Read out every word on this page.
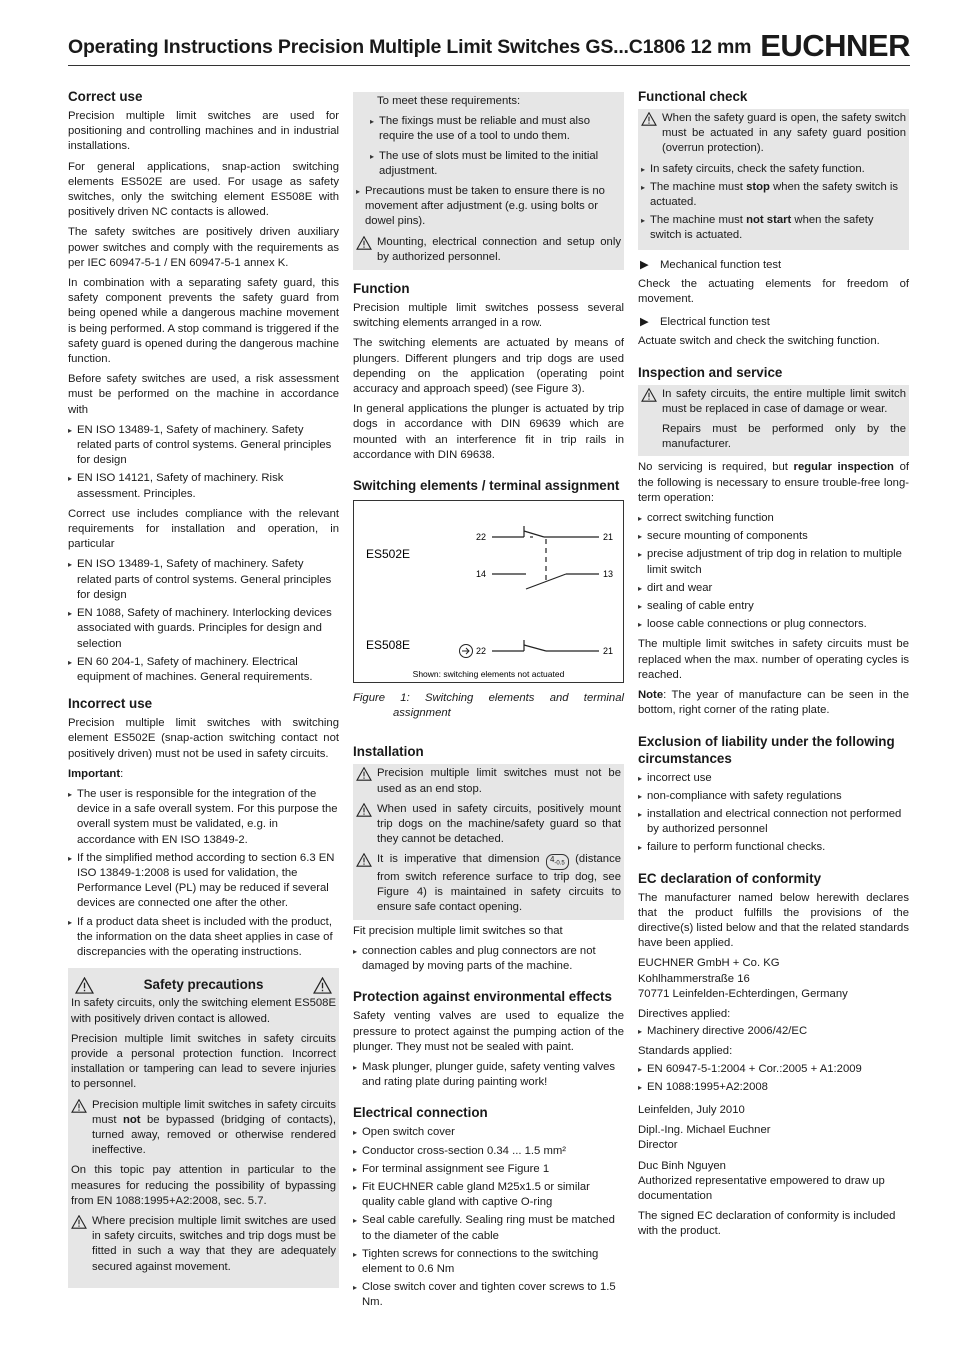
Operating Instructions Precision Multiple Limit Switches GS...C1806 12 mm EUCHNER
Correct use

Precision multiple limit switches are used for positioning and controlling machines and in industrial installations.

For general applications, snap-action switching elements ES502E are used. For usage as safety switches, only the switching element ES508E with positively driven NC contacts is allowed.

The safety switches are positively driven auxiliary power switches and comply with the requirements as per IEC 60947-5-1 / EN 60947-5-1 annex K.

In combination with a separating safety guard, this safety component prevents the safety guard from being opened while a dangerous machine movement is being performed. A stop command is triggered if the safety guard is opened during the dangerous machine function.

Before safety switches are used, a risk assessment must be performed on the machine in accordance with

▸ EN ISO 13489-1, Safety of machinery. Safety related parts of control systems. General principles for design
▸ EN ISO 14121, Safety of machinery. Risk assessment. Principles.

Correct use includes compliance with the relevant requirements for installation and operation, in particular

▸ EN ISO 13489-1, Safety of machinery. Safety related parts of control systems. General principles for design
▸ EN 1088, Safety of machinery. Interlocking devices associated with guards. Principles for design and selection
▸ EN 60 204-1, Safety of machinery. Electrical equipment of machines. General requirements.
Incorrect use

Precision multiple limit switches with switching element ES502E (snap-action switching contact not positively driven) must not be used in safety circuits.

Important:

▸ The user is responsible for the integration of the device in a safe overall system. For this purpose the overall system must be validated, e.g. in accordance with EN ISO 13849-2.
▸ If the simplified method according to section 6.3 EN ISO 13849-1:2008 is used for validation, the Performance Level (PL) may be reduced if several devices are connected one after the other.
▸ If a product data sheet is included with the product, the information on the data sheet applies in case of discrepancies with the operating instructions.
Safety precautions

In safety circuits, only the switching element ES508E with positively driven contact is allowed.

Precision multiple limit switches in safety circuits provide a personal protection function. Incorrect installation or tampering can lead to severe injuries to personnel.

Precision multiple limit switches in safety circuits must not be bypassed (bridging of contacts), turned away, removed or otherwise rendered ineffective.

On this topic pay attention in particular to the measures for reducing the possibility of bypassing from EN 1088:1995+A2:2008, sec. 5.7.

Where precision multiple limit switches are used in safety circuits, switches and trip dogs must be fitted in such a way that they are adequately secured against movement.

To meet these requirements:

▸ The fixings must be reliable and must also require the use of a tool to undo them.
▸ The use of slots must be limited to the initial adjustment.
▸ Precautions must be taken to ensure there is no movement after adjustment (e.g. using bolts or dowel pins).

Mounting, electrical connection and setup only by authorized personnel.

Function

Precision multiple limit switches possess several switching elements arranged in a row.

The switching elements are actuated by means of plungers. Different plungers and trip dogs are used depending on the application (operating point accuracy and approach speed) (see Figure 3).

In general applications the plunger is actuated by trip dogs in accordance with DIN 69639 which are mounted with an interference fit in trip rails in accordance with DIN 69638.

Switching elements / terminal assignment
ES502E
ES508E
22	21
14	13
22	21
Shown: switching elements not actuated

Figure 1: Switching elements and terminal assignment

Installation

Precision multiple limit switches must not be used as an end stop.

When used in safety circuits, positively mount trip dogs on the machine/safety guard so that they cannot be detached.

It is imperative that dimension $4_{-0.5}$ (distance from switch reference surface to trip dog, see Figure 4) is maintained in safety circuits to ensure safe contact opening.

Fit precision multiple limit switches so that

▸ connection cables and plug connectors are not damaged by moving parts of the machine.
Protection against environmental effects

Safety venting valves are used to equalize the pressure to protect against the pumping action of the plunger. They must not be sealed with paint.

▸ Mask plunger, plunger guide, safety venting valves and rating plate during painting work!
Electrical connection
▸ Open switch cover
▸ Conductor cross-section 0.34 ... 1.5 mm²
▸ For terminal assignment see Figure 1
▸ Fit EUCHNER cable gland M25x1.5 or similar quality cable gland with captive O-ring
▸ Seal cable carefully. Sealing ring must be matched to the diameter of the cable
▸ Tighten screws for connections to the switching element to 0.6 Nm
▸ Close switch cover and tighten cover screws to 1.5 Nm.
Functional check

When the safety guard is open, the safety switch must be actuated in any safety guard position (overrun protection).

▸ In safety circuits, check the safety function.
▸ The machine must stop when the safety switch is actuated.
▸ The machine must not start when the safety switch is actuated.
▶ Mechanical function test

Check the actuating elements for freedom of movement.

▶ Electrical function test

Actuate switch and check the switching function.

Inspection and service

In safety circuits, the entire multiple limit switch must be replaced in case of damage or wear.

Repairs must be performed only by the manufacturer.

No servicing is required, but regular inspection of the following is necessary to ensure trouble-free long-term operation:

▸ correct switching function
▸ secure mounting of components
▸ precise adjustment of trip dog in relation to multiple limit switch
▸ dirt and wear
▸ sealing of cable entry
▸ loose cable connections or plug connectors.

The multiple limit switches in safety circuits must be replaced when the max. number of operating cycles is reached.

Note: The year of manufacture can be seen in the bottom, right corner of the rating plate.

Exclusion of liability under the following circumstances
▸ incorrect use
▸ non-compliance with safety regulations
▸ installation and electrical connection not performed by authorized personnel
▸ failure to perform functional checks.
EC declaration of conformity

The manufacturer named below herewith declares that the product fulfills the provisions of the directive(s) listed below and that the related standards have been applied.

EUCHNER GmbH + Co. KG
Kohlhammerstraße 16
70771 Leinfelden-Echterdingen, Germany

Directives applied:

▸ Machinery directive 2006/42/EC

Standards applied:

▸ EN 60947-5-1:2004 + Cor.:2005 + A1:2009
▸ EN 1088:1995+A2:2008

Leinfelden, July 2010

Dipl.-Ing. Michael Euchner
Director

Duc Binh Nguyen
Authorized representative empowered to draw up documentation

The signed EC declaration of conformity is included with the product.
